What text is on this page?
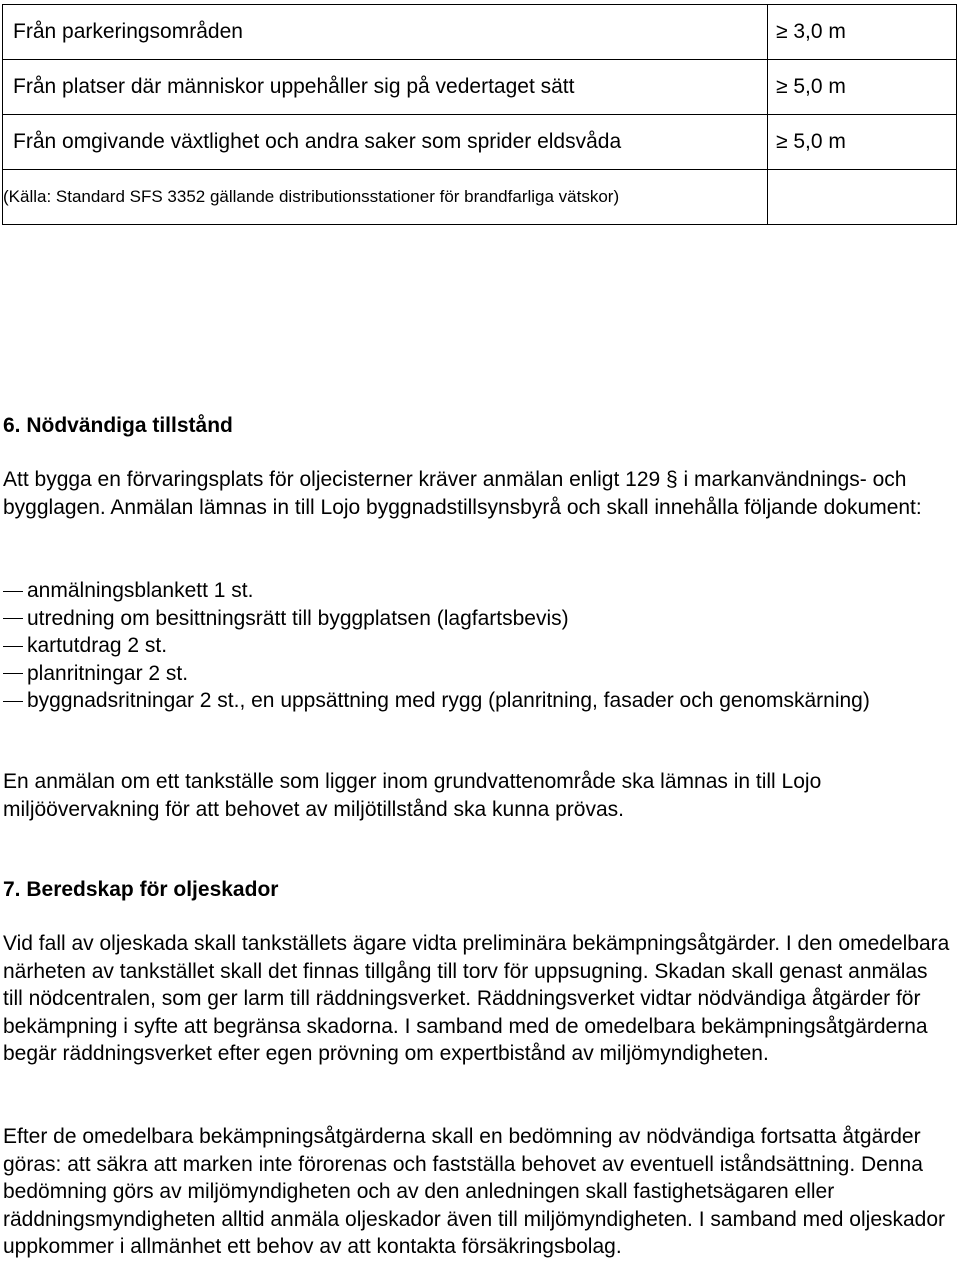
Från parkeringsområden	≥ 3,0 m
Från platser där människor uppehåller sig på vedertaget sätt	≥ 5,0 m
Från omgivande växtlighet och andra saker som sprider eldsvåda	≥ 5,0 m
(Källa: Standard SFS 3352 gällande distributionsstationer för brandfarliga vätskor)	
6. Nödvändiga tillstånd

Att bygga en förvaringsplats för oljecisterner kräver anmälan enligt 129 § i markanvändnings- och bygglagen. Anmälan lämnas in till Lojo byggnadstillsynsbyrå och skall innehålla följande dokument:

anmälningsblankett 1 st.
utredning om besittningsrätt till byggplatsen (lagfartsbevis)
kartutdrag 2 st.
planritningar 2 st.
byggnadsritningar 2 st., en uppsättning med rygg (planritning, fasader och genomskärning)

En anmälan om ett tankställe som ligger inom grundvattenområde ska lämnas in till Lojo miljöövervakning för att behovet av miljötillstånd ska kunna prövas.

7. Beredskap för oljeskador

Vid fall av oljeskada skall tankställets ägare vidta preliminära bekämpningsåtgärder. I den omedelbara närheten av tankstället skall det finnas tillgång till torv för uppsugning. Skadan skall genast anmälas till nödcentralen, som ger larm till räddningsverket. Räddningsverket vidtar nödvändiga åtgärder för bekämpning i syfte att begränsa skadorna. I samband med de omedelbara bekämpningsåtgärderna begär räddningsverket efter egen prövning om expertbistånd av miljömyndigheten.

Efter de omedelbara bekämpningsåtgärderna skall en bedömning av nödvändiga fortsatta åtgärder göras: att säkra att marken inte förorenas och fastställa behovet av eventuell iståndsättning. Denna bedömning görs av miljömyndigheten och av den anledningen skall fastighetsägaren eller räddningsmyndigheten alltid anmäla oljeskador även till miljömyndigheten. I samband med oljeskador uppkommer i allmänhet ett behov av att kontakta försäkringsbolag.
